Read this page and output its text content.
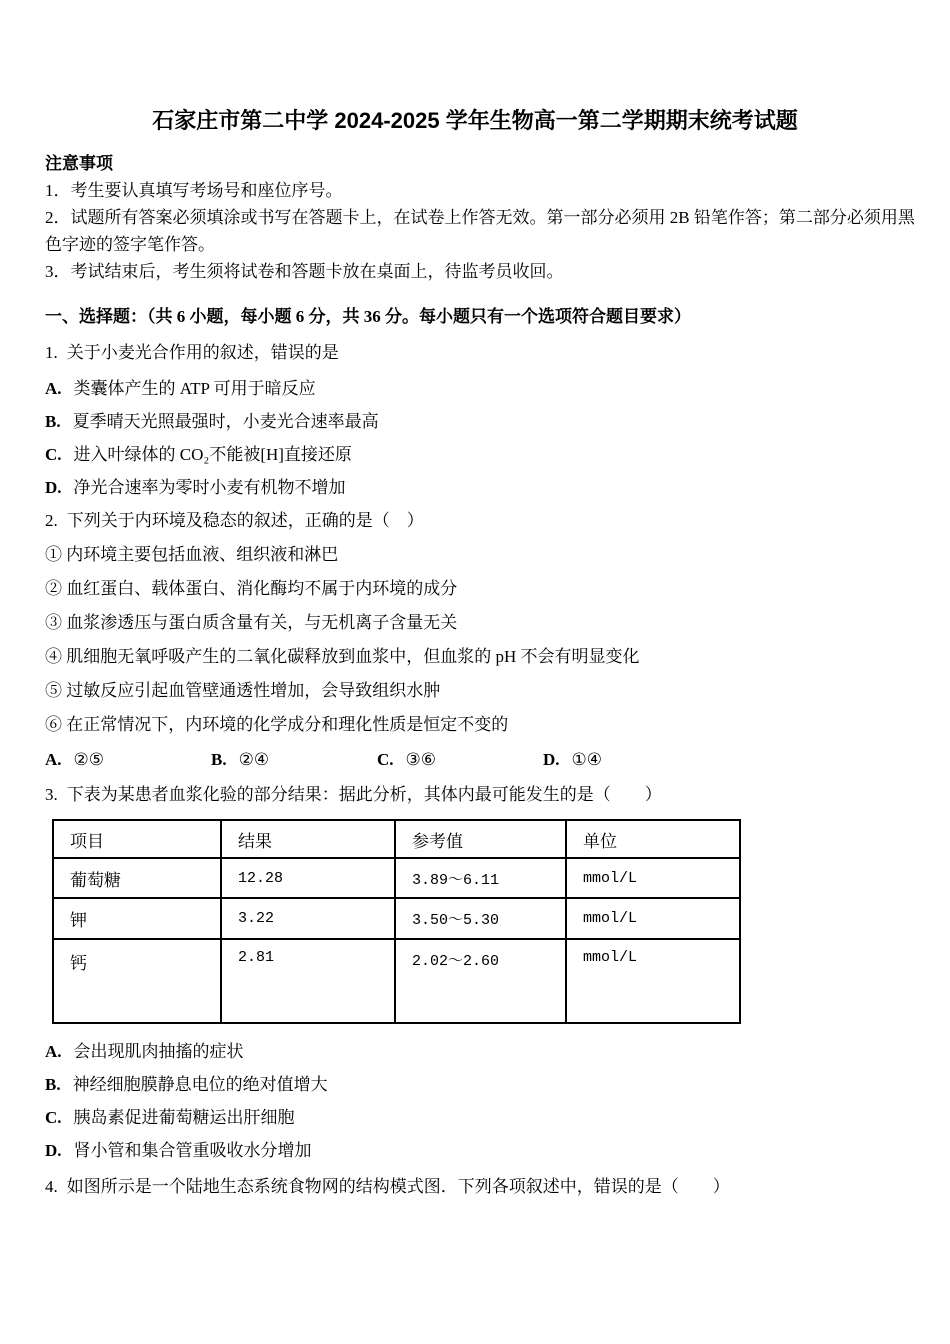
石家庄市第二中学 2024-2025 学年生物高一第二学期期末统考试题
注意事项
1．考生要认真填写考场号和座位序号。
2．试题所有答案必须填涂或书写在答题卡上，在试卷上作答无效。第一部分必须用 2B 铅笔作答；第二部分必须用黑色字迹的签字笔作答。
3．考试结束后，考生须将试卷和答题卡放在桌面上，待监考员收回。
一、选择题：（共 6 小题，每小题 6 分，共 36 分。每小题只有一个选项符合题目要求）
1. 关于小麦光合作用的叙述，错误的是
A. 类囊体产生的 ATP 可用于暗反应
B. 夏季晴天光照最强时，小麦光合速率最高
C. 进入叶绿体的 CO₂不能被[H]直接还原
D. 净光合速率为零时小麦有机物不增加
2. 下列关于内环境及稳态的叙述，正确的是（　）
① 内环境主要包括血液、组织液和淋巴
② 血红蛋白、载体蛋白、消化酶均不属于内环境的成分
③ 血浆渗透压与蛋白质含量有关，与无机离子含量无关
④ 肌细胞无氧呼吸产生的二氧化碳释放到血浆中，但血浆的 pH 不会有明显变化
⑤ 过敏反应引起血管壁通透性增加，会导致组织水肿
⑥ 在正常情况下，内环境的化学成分和理化性质是恒定不变的
A. ②⑤	B. ②④	C. ③⑥	D. ①④
3. 下表为某患者血浆化验的部分结果：据此分析，其体内最可能发生的是（　　）
项目	结果	参考值	单位
葡萄糖	12.28	3.89～6.11	mmol/L
钾	3.22	3.50～5.30	mmol/L
钙	2.81	2.02～2.60	mmol/L
A. 会出现肌肉抽搐的症状
B. 神经细胞膜静息电位的绝对值增大
C. 胰岛素促进葡萄糖运出肝细胞
D. 肾小管和集合管重吸收水分增加
4. 如图所示是一个陆地生态系统食物网的结构模式图．下列各项叙述中，错误的是（　　）
